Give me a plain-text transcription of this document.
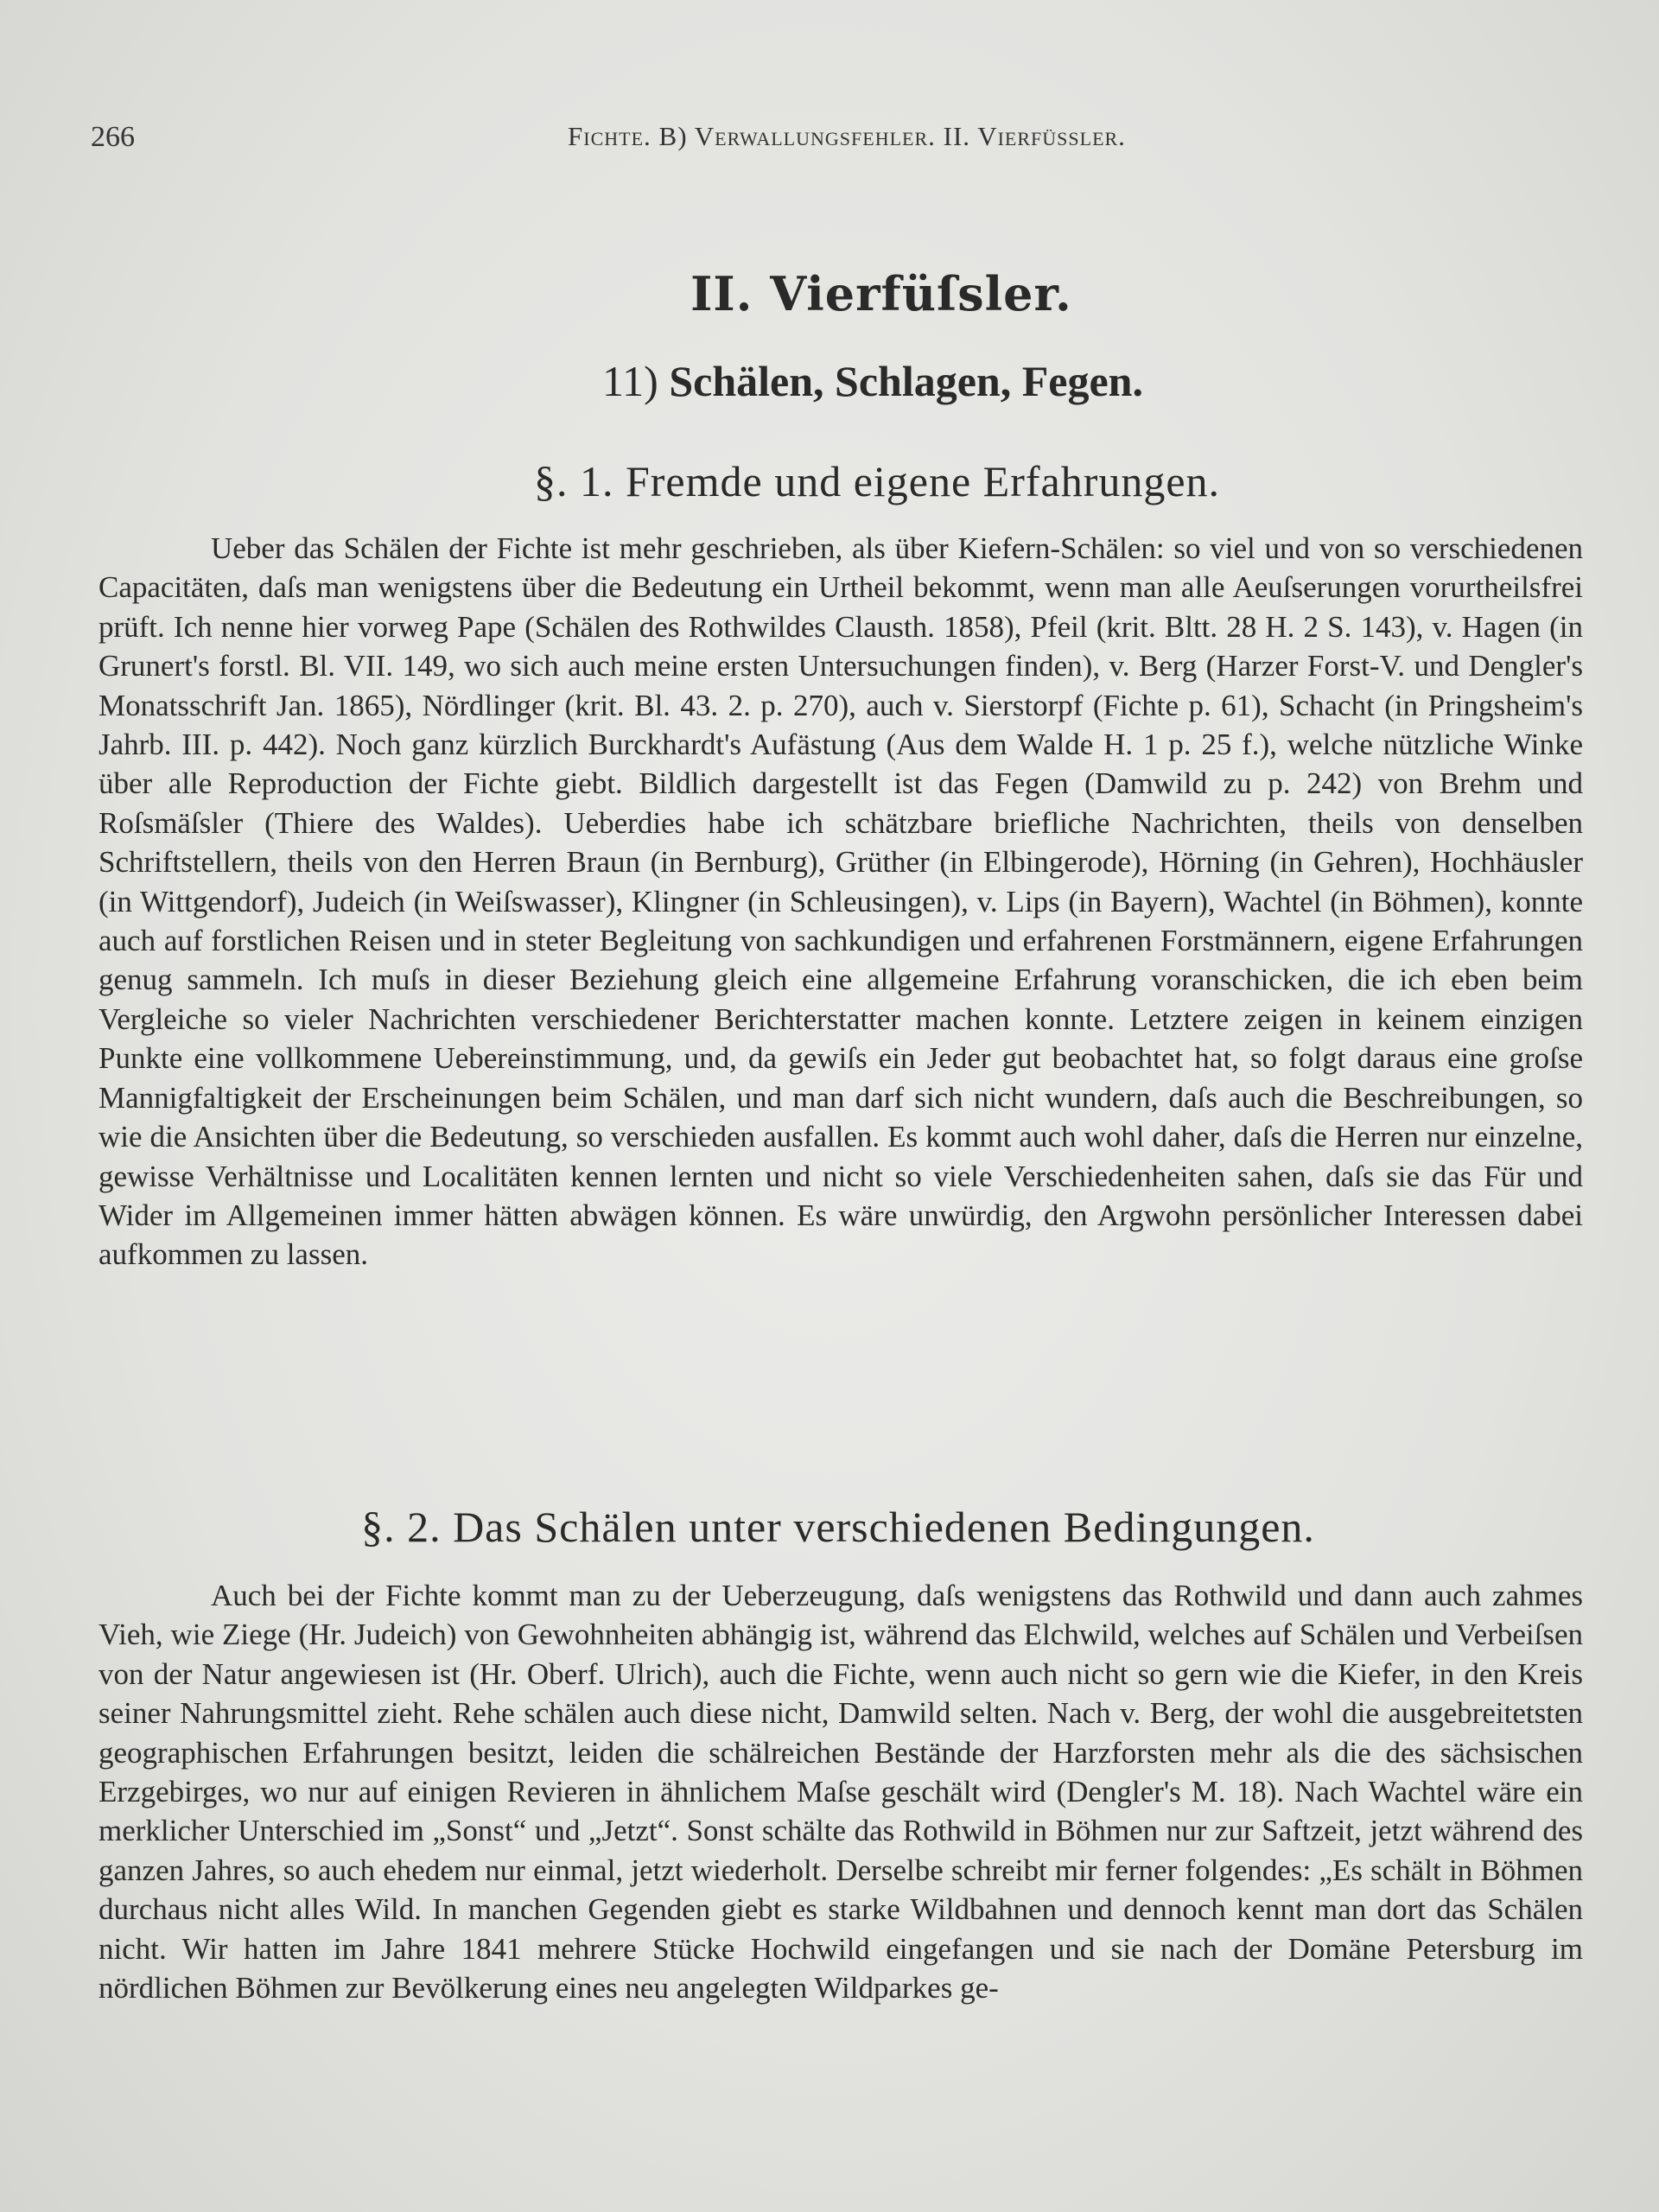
266	Fichte. B) Verwallungsfehler. II. Vierfüssler.
II. Vierfüſsler.
11) Schälen, Schlagen, Fegen.
§. 1. Fremde und eigene Erfahrungen.

Ueber das Schälen der Fichte ist mehr geschrieben, als über Kiefern-Schälen: so viel und von so verschiedenen Capacitäten, daſs man wenigstens über die Bedeutung ein Urtheil bekommt, wenn man alle Aeuſserungen vorurtheilsfrei prüft. Ich nenne hier vorweg Pape (Schälen des Rothwildes Clausth. 1858), Pfeil (krit. Bltt. 28 H. 2 S. 143), v. Hagen (in Grunert's forstl. Bl. VII. 149, wo sich auch meine ersten Untersuchungen finden), v. Berg (Harzer Forst-V. und Dengler's Monatsschrift Jan. 1865), Nördlinger (krit. Bl. 43. 2. p. 270), auch v. Sierstorpf (Fichte p. 61), Schacht (in Pringsheim's Jahrb. III. p. 442). Noch ganz kürzlich Burckhardt's Aufästung (Aus dem Walde H. 1 p. 25 f.), welche nützliche Winke über alle Reproduction der Fichte giebt. Bildlich dargestellt ist das Fegen (Damwild zu p. 242) von Brehm und Roſsmäſsler (Thiere des Waldes). Ueberdies habe ich schätzbare briefliche Nachrichten, theils von denselben Schriftstellern, theils von den Herren Braun (in Bernburg), Grüther (in Elbingerode), Hörning (in Gehren), Hochhäusler (in Wittgendorf), Judeich (in Weiſswasser), Klingner (in Schleusingen), v. Lips (in Bayern), Wachtel (in Böhmen), konnte auch auf forstlichen Reisen und in steter Begleitung von sachkundigen und erfahrenen Forstmännern, eigene Erfahrungen genug sammeln. Ich muſs in dieser Beziehung gleich eine allgemeine Erfahrung voranschicken, die ich eben beim Vergleiche so vieler Nachrichten verschiedener Berichterstatter machen konnte. Letztere zeigen in keinem einzigen Punkte eine vollkommene Uebereinstimmung, und, da gewiſs ein Jeder gut beobachtet hat, so folgt daraus eine groſse Mannigfaltigkeit der Erscheinungen beim Schälen, und man darf sich nicht wundern, daſs auch die Beschreibungen, so wie die Ansichten über die Bedeutung, so verschieden ausfallen. Es kommt auch wohl daher, daſs die Herren nur einzelne, gewisse Verhältnisse und Localitäten kennen lernten und nicht so viele Verschiedenheiten sahen, daſs sie das Für und Wider im Allgemeinen immer hätten abwägen können. Es wäre unwürdig, den Argwohn persönlicher Interessen dabei aufkommen zu lassen.

§. 2. Das Schälen unter verschiedenen Bedingungen.

Auch bei der Fichte kommt man zu der Ueberzeugung, daſs wenigstens das Rothwild und dann auch zahmes Vieh, wie Ziege (Hr. Judeich) von Gewohnheiten abhängig ist, während das Elchwild, welches auf Schälen und Verbeiſsen von der Natur angewiesen ist (Hr. Oberf. Ulrich), auch die Fichte, wenn auch nicht so gern wie die Kiefer, in den Kreis seiner Nahrungsmittel zieht. Rehe schälen auch diese nicht, Damwild selten. Nach v. Berg, der wohl die ausgebreitetsten geographischen Erfahrungen besitzt, leiden die schälreichen Bestände der Harzforsten mehr als die des sächsischen Erzgebirges, wo nur auf einigen Revieren in ähnlichem Maſse geschält wird (Dengler's M. 18). Nach Wachtel wäre ein merklicher Unterschied im „Sonst“ und „Jetzt“. Sonst schälte das Rothwild in Böhmen nur zur Saftzeit, jetzt während des ganzen Jahres, so auch ehedem nur einmal, jetzt wiederholt. Derselbe schreibt mir ferner folgendes: „Es schält in Böhmen durchaus nicht alles Wild. In manchen Gegenden giebt es starke Wildbahnen und dennoch kennt man dort das Schälen nicht. Wir hatten im Jahre 1841 mehrere Stücke Hochwild eingefangen und sie nach der Domäne Petersburg im nördlichen Böhmen zur Bevölkerung eines neu angelegten Wildparkes ge-
